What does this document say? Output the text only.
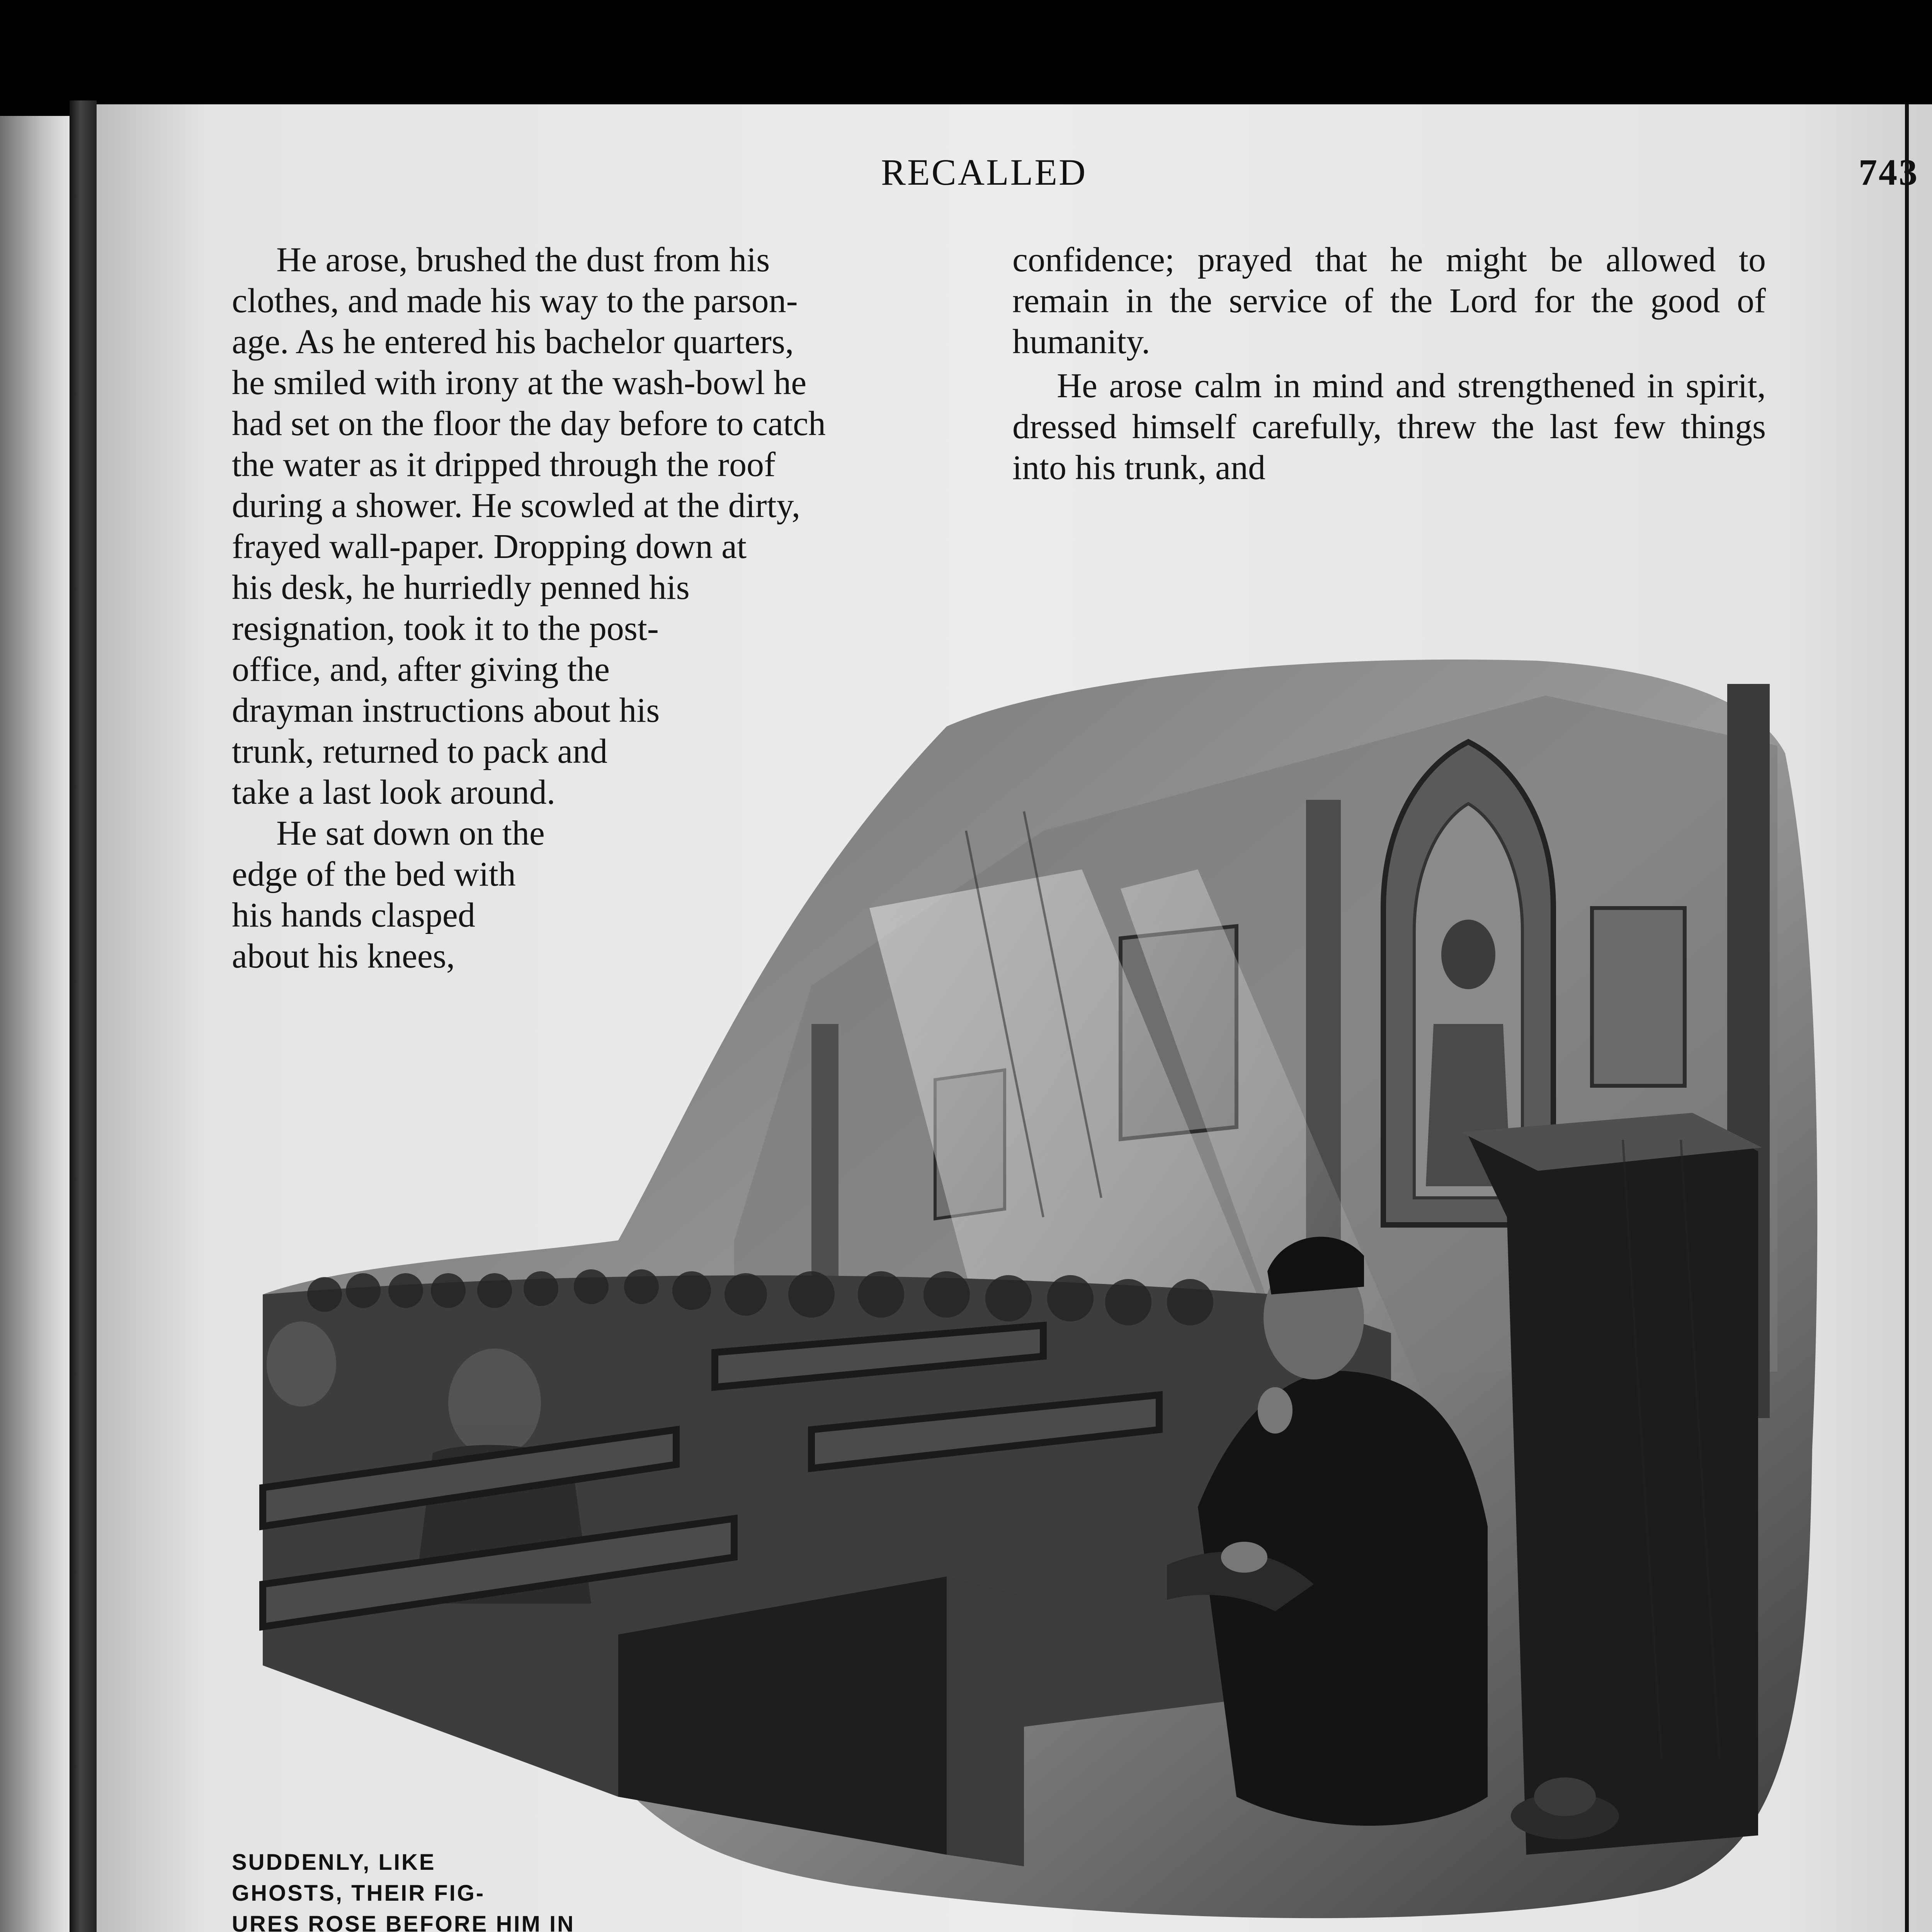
RECALLED	743
He arose, brushed the dust from his
clothes, and made his way to the parson-
age. As he entered his bachelor quarters,
he smiled with irony at the wash-bowl he
had set on the floor the day before to catch
the water as it dripped through the roof
during a shower. He scowled at the dirty,
frayed wall-paper. Dropping down at
his desk, he hurriedly penned his
resignation, took it to the post-
office, and, after giving the
drayman instructions about his
trunk, returned to pack and
take a last look around.
He sat down on the
edge of the bed with
his hands clasped
about his knees,

confidence; prayed that he might be allowed to remain in the service of the Lord for the good of humanity.

He arose calm in mind and strengthened in spirit, dressed himself carefully, threw the last few things into his trunk, and

SUDDENLY, LIKE
GHOSTS, THEIR FIG-
URES ROSE BEFORE HIM IN
